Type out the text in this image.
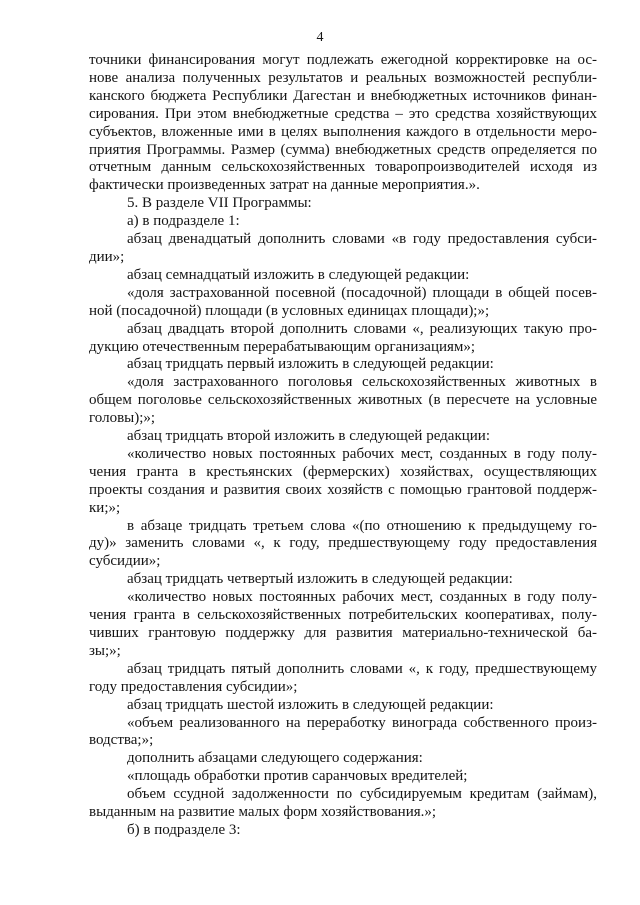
4
точники финансирования могут подлежать ежегодной корректировке на ос-
нове анализа полученных результатов и реальных возможностей республи-
канского бюджета Республики Дагестан и внебюджетных источников финан-
сирования. При этом внебюджетные средства – это средства хозяйствующих
субъектов, вложенные ими в целях выполнения каждого в отдельности меро-
приятия Программы. Размер (сумма) внебюджетных средств определяется по
отчетным данным сельскохозяйственных товаропроизводителей исходя из
фактически произведенных затрат на данные мероприятия.».
5. В разделе VII Программы:
а) в подразделе 1:
абзац двенадцатый дополнить словами «в году предоставления субси-
дии»;
абзац семнадцатый изложить в следующей редакции:
«доля застрахованной посевной (посадочной) площади в общей посев-
ной (посадочной) площади (в условных единицах площади);»;
абзац двадцать второй дополнить словами «, реализующих такую про-
дукцию отечественным перерабатывающим организациям»;
абзац тридцать первый изложить в следующей редакции:
«доля застрахованного поголовья сельскохозяйственных животных в
общем поголовье сельскохозяйственных животных (в пересчете на условные
головы);»;
абзац тридцать второй изложить в следующей редакции:
«количество новых постоянных рабочих мест, созданных в году полу-
чения гранта в крестьянских (фермерских) хозяйствах, осуществляющих
проекты создания и развития своих хозяйств с помощью грантовой поддерж-
ки;»;
в абзаце тридцать третьем слова «(по отношению к предыдущему го-
ду)» заменить словами «, к году, предшествующему году предоставления
субсидии»;
абзац тридцать четвертый изложить в следующей редакции:
«количество новых постоянных рабочих мест, созданных в году полу-
чения гранта в сельскохозяйственных потребительских кооперативах, полу-
чивших грантовую поддержку для развития материально-технической ба-
зы;»;
абзац тридцать пятый дополнить словами «, к году, предшествующему
году предоставления субсидии»;
абзац тридцать шестой изложить в следующей редакции:
«объем реализованного на переработку винограда собственного произ-
водства;»;
дополнить абзацами следующего содержания:
«площадь обработки против саранчовых вредителей;
объем ссудной задолженности по субсидируемым кредитам (займам),
выданным на развитие малых форм хозяйствования.»;
б) в подразделе 3:
